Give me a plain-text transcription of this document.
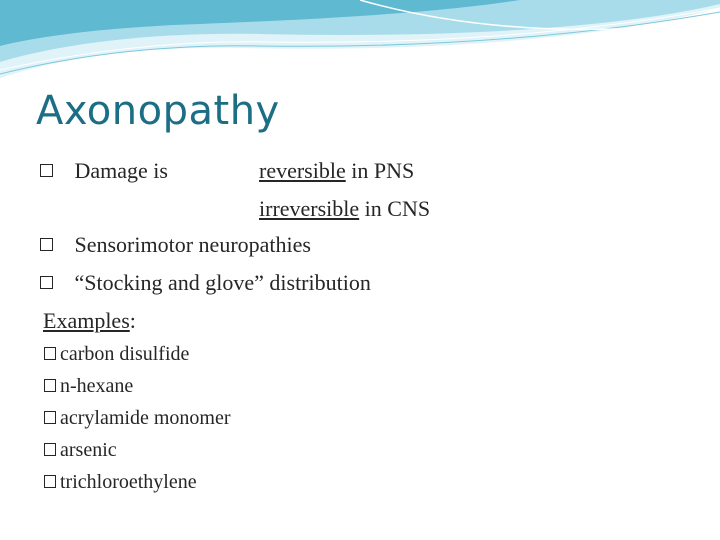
Axonopathy
Damage is	reversible in PNS
irreversible in CNS
Sensorimotor neuropathies
“Stocking and glove” distribution
Examples:
carbon disulfide
n-hexane
acrylamide monomer
arsenic
trichloroethylene
